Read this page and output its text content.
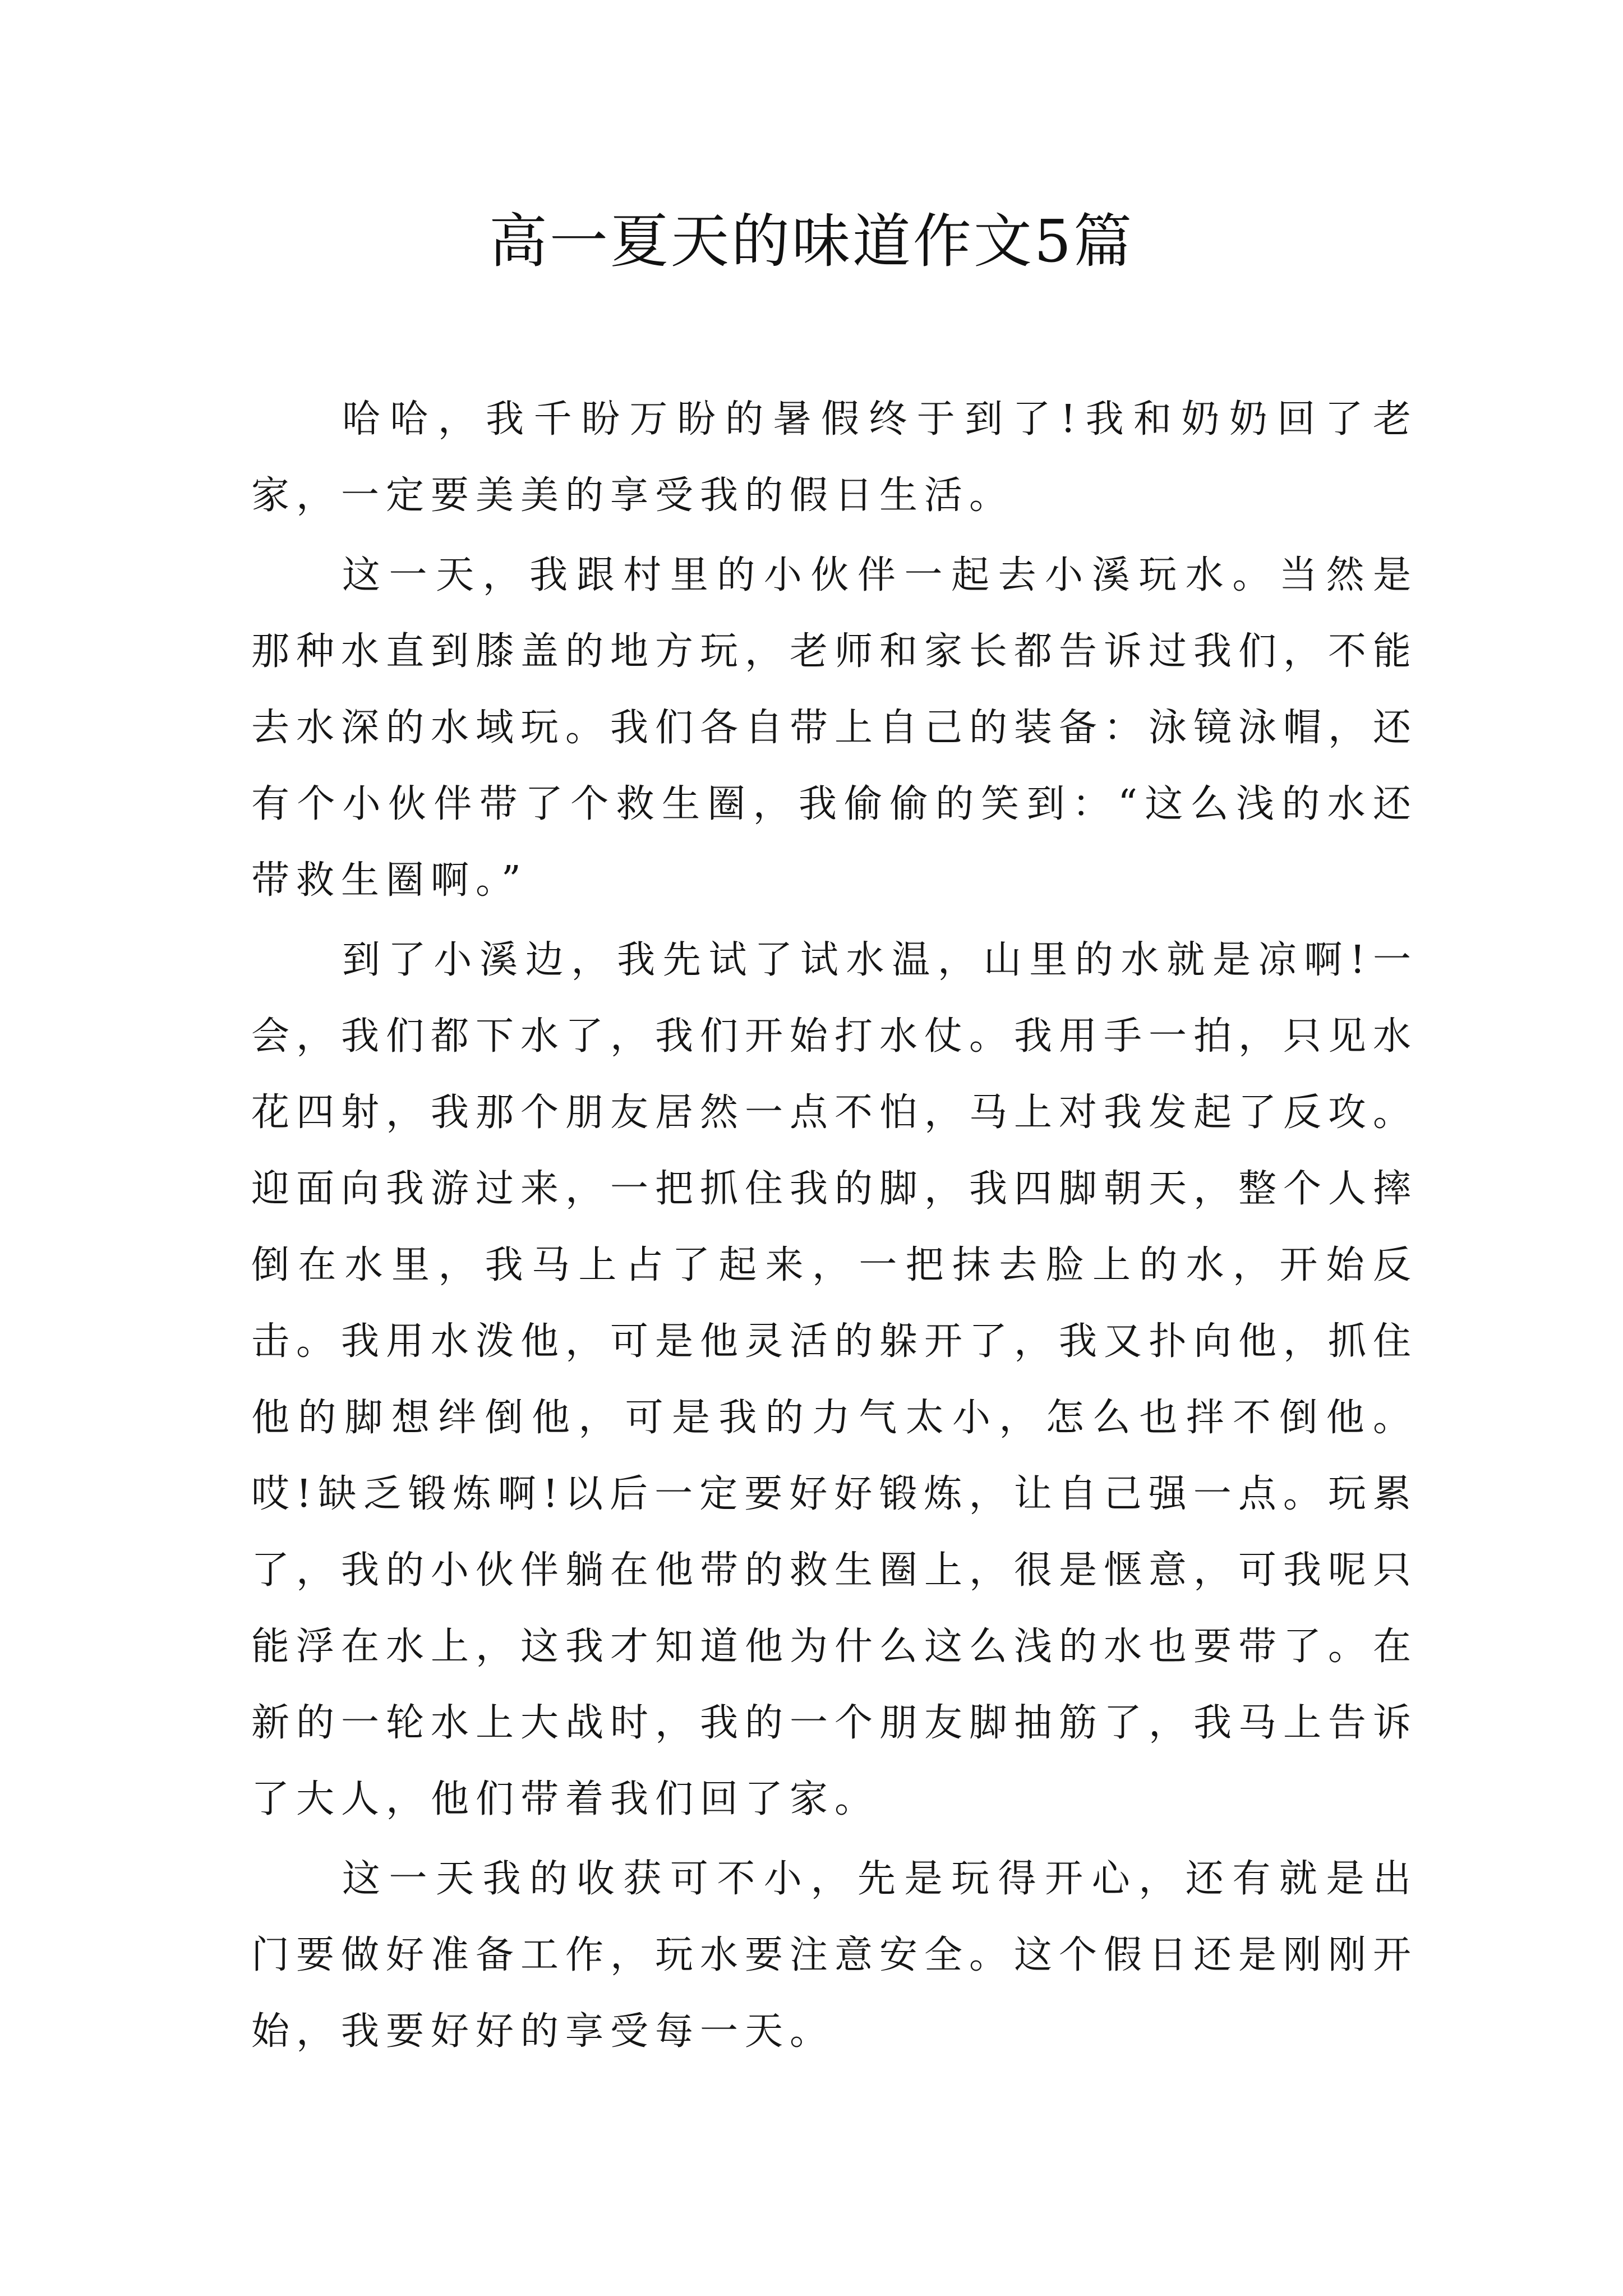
高一夏天的味道作文5篇

哈哈，我千盼万盼的暑假终于到了!我和奶奶回了老家，一定要美美的享受我的假日生活。

这一天，我跟村里的小伙伴一起去小溪玩水。当然是那种水直到膝盖的地方玩，老师和家长都告诉过我们，不能去水深的水域玩。我们各自带上自己的装备：泳镜泳帽，还有个小伙伴带了个救生圈，我偷偷的笑到：“这么浅的水还带救生圈啊。”

到了小溪边，我先试了试水温，山里的水就是凉啊!一会，我们都下水了，我们开始打水仗。我用手一拍，只见水花四射，我那个朋友居然一点不怕，马上对我发起了反攻。迎面向我游过来，一把抓住我的脚，我四脚朝天，整个人摔倒在水里，我马上占了起来，一把抹去脸上的水，开始反击。我用水泼他，可是他灵活的躲开了，我又扑向他，抓住他的脚想绊倒他，可是我的力气太小，怎么也拌不倒他。哎!缺乏锻炼啊!以后一定要好好锻炼，让自己强一点。玩累了，我的小伙伴躺在他带的救生圈上，很是惬意，可我呢只能浮在水上，这我才知道他为什么这么浅的水也要带了。在新的一轮水上大战时，我的一个朋友脚抽筋了，我马上告诉了大人，他们带着我们回了家。

这一天我的收获可不小，先是玩得开心，还有就是出门要做好准备工作，玩水要注意安全。这个假日还是刚刚开始，我要好好的享受每一天。
